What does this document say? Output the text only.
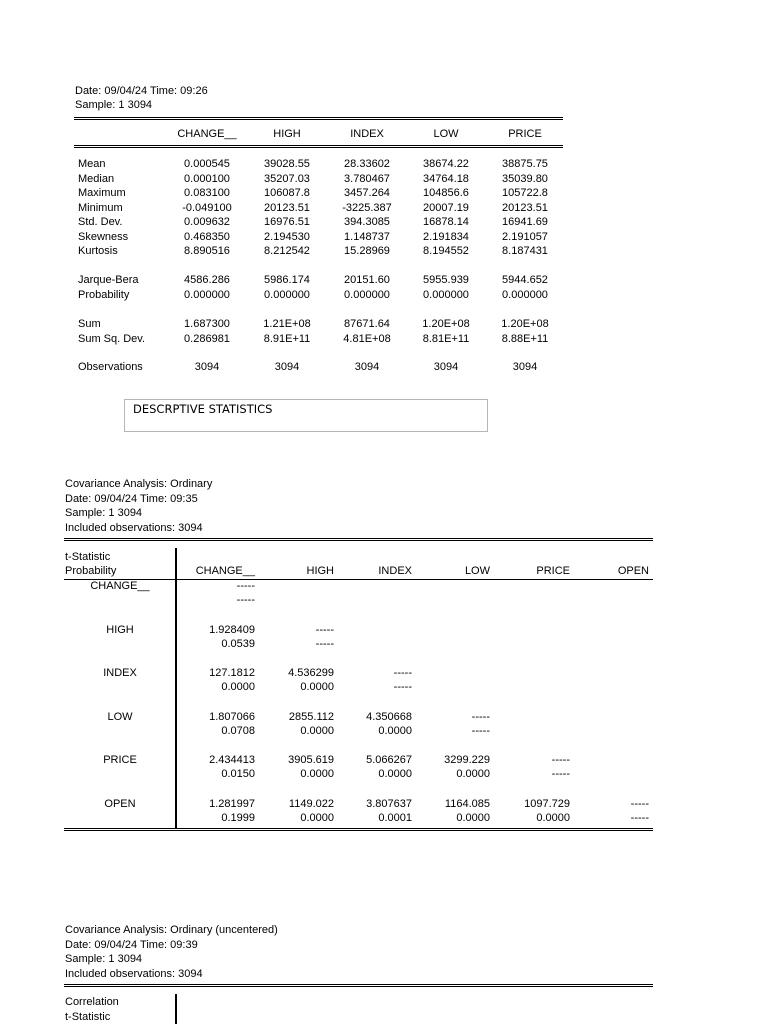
Date: 09/04/24 Time: 09:26
Sample: 1 3094
CHANGE__	HIGH	INDEX	LOW	PRICE
Mean	0.000545	39028.55	28.33602	38674.22	38875.75
Median	0.000100	35207.03	3.780467	34764.18	35039.80
Maximum	0.083100	106087.8	3457.264	104856.6	105722.8
Minimum	-0.049100	20123.51	-3225.387	20007.19	20123.51
Std. Dev.	0.009632	16976.51	394.3085	16878.14	16941.69
Skewness	0.468350	2.194530	1.148737	2.191834	2.191057
Kurtosis	8.890516	8.212542	15.28969	8.194552	8.187431
Jarque-Bera	4586.286	5986.174	20151.60	5955.939	5944.652
Probability	0.000000	0.000000	0.000000	0.000000	0.000000
Sum	1.687300	1.21E+08	87671.64	1.20E+08	1.20E+08
Sum Sq. Dev.	0.286981	8.91E+11	4.81E+08	8.81E+11	8.88E+11
Observations	3094	3094	3094	3094	3094
DESCRPTIVE STATISTICS
Covariance Analysis: Ordinary
Date: 09/04/24 Time: 09:35
Sample: 1 3094
Included observations: 3094
t-Statistic
Probability	CHANGE__	HIGH	INDEX	LOW	PRICE	OPEN
CHANGE__	-----
-----
HIGH	1.928409	-----
0.0539	-----
INDEX	127.1812	4.536299	-----
0.0000	0.0000	-----
LOW	1.807066	2855.112	4.350668	-----
0.0708	0.0000	0.0000	-----
PRICE	2.434413	3905.619	5.066267	3299.229	-----
0.0150	0.0000	0.0000	0.0000	-----
OPEN	1.281997	1149.022	3.807637	1164.085	1097.729	-----
0.1999	0.0000	0.0001	0.0000	0.0000	-----
Covariance Analysis: Ordinary (uncentered)
Date: 09/04/24 Time: 09:39
Sample: 1 3094
Included observations: 3094
Correlation
t-Statistic
